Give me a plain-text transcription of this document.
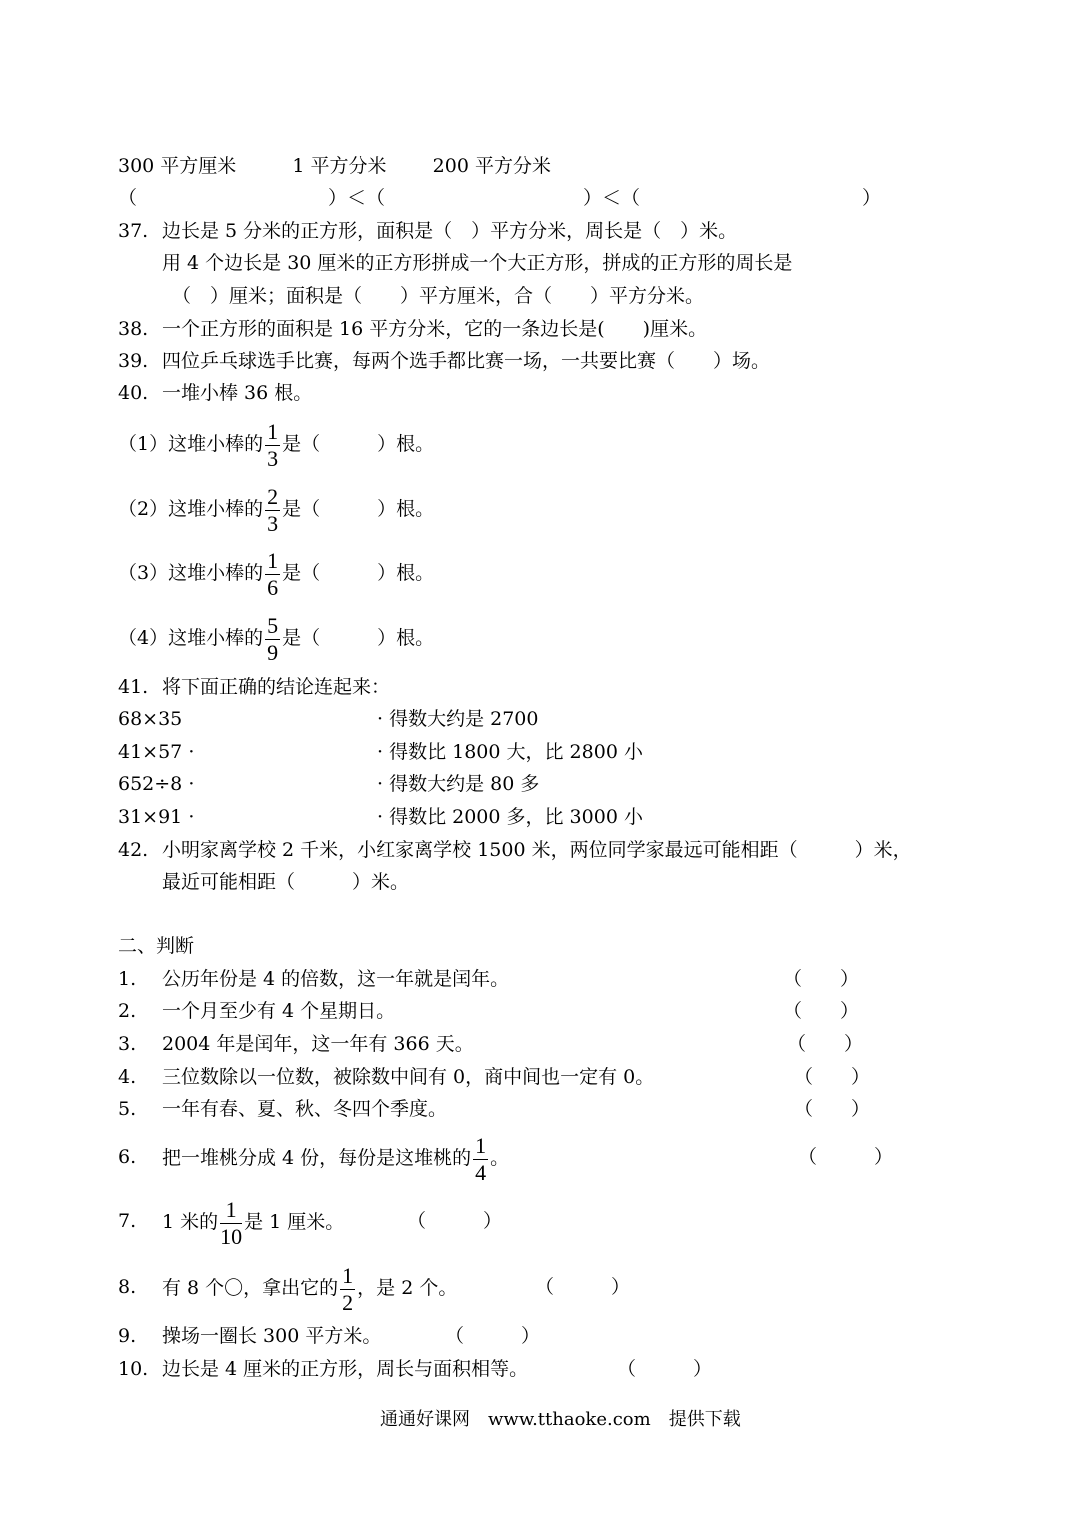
300 平方厘米	1 平方分米 200 平方分米
（	）＜（	）＜（	）
37. 边长是 5 分米的正方形，面积是（　）平方分米，周长是（　）米。
用 4 个边长是 30 厘米的正方形拼成一个大正方形，拼成的正方形的周长是
（　）厘米；面积是（　　）平方厘米，合（　　）平方分米。
38. 一个正方形的面积是 16 平方分米，它的一条边长是(　　)厘米。
39. 四位乒乓球选手比赛，每两个选手都比赛一场，一共要比赛（　　）场。
40. 一堆小棒 36 根。
（1）这堆小棒的 $\frac{1}{3}$ 是（　　　）根。
（2）这堆小棒的 $\frac{2}{3}$ 是（　　　）根。
（3）这堆小棒的 $\frac{1}{6}$ 是（　　　）根。
（4）这堆小棒的 $\frac{5}{9}$ 是（　　　）根。
41. 将下面正确的结论连起来：
68×35	· 得数大约是 2700
41×57 ·	· 得数比 1800 大，比 2800 小
652÷8 ·	· 得数大约是 80 多
31×91 ·	· 得数比 2000 多，比 3000 小
42. 小明家离学校 2 千米，小红家离学校 1500 米，两位同学家最远可能相距（　　　）米，
最近可能相距（　　　）米。
二、判断
1. 公历年份是 4 的倍数，这一年就是闰年。	（　　）
2. 一个月至少有 4 个星期日。	（　　）
3. 2004 年是闰年，这一年有 366 天。	（　　）
4. 三位数除以一位数，被除数中间有 0，商中间也一定有 0。	（　　）
5. 一年有春、夏、秋、冬四个季度。	（　　）
6. 把一堆桃分成 4 份，每份是这堆桃的 $\frac{1}{4}$ 。	（　　　）
7. 1 米的 $\frac{1}{10}$ 是 1 厘米。	（　　　）
8. 有 8 个〇，拿出它的 $\frac{1}{2}$ ，是 2 个。	（　　　）
9. 操场一圈长 300 平方米。	（　　　）
10. 边长是 4 厘米的正方形，周长与面积相等。	（　　　）
通通好课网　www.tthaoke.com　提供下载
